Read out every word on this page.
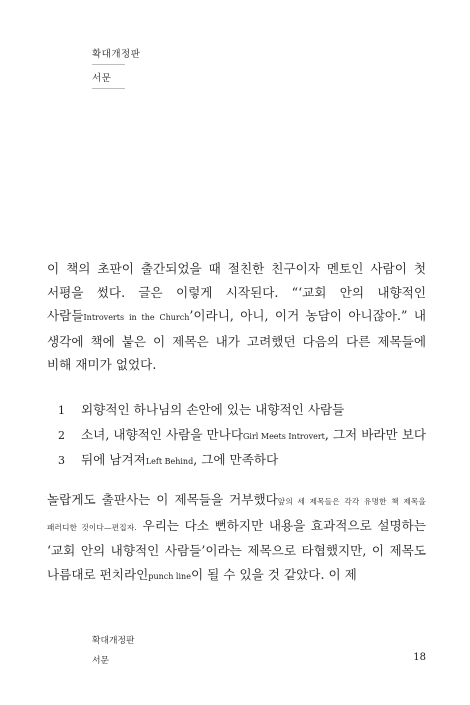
확대개정판
서문
이 책의 초판이 출간되었을 때 절친한 친구이자 멘토인 사람이 첫 서평을 썼다. 글은 이렇게 시작된다. “‘교회 안의 내향적인 사람들Introverts in the Church’이라니, 아니, 이거 농담이 아니잖아.” 내 생각에 책에 붙은 이 제목은 내가 고려했던 다음의 다른 제목들에 비해 재미가 없었다.
1	외향적인 하나님의 손안에 있는 내향적인 사람들
2	소녀, 내향적인 사람을 만나다Girl Meets Introvert, 그저 바라만 보다
3	뒤에 남겨져Left Behind, 그에 만족하다
놀랍게도 출판사는 이 제목들을 거부했다앞의 세 제목들은 각각 유명한 책 제목을 패러디한 것이다—편집자. 우리는 다소 뻔하지만 내용을 효과적으로 설명하는 ‘교회 안의 내향적인 사람들’이라는 제목으로 타협했지만, 이 제목도 나름대로 펀치라인punch line이 될 수 있을 것 같았다. 이 제
확대개정판
서문	18
